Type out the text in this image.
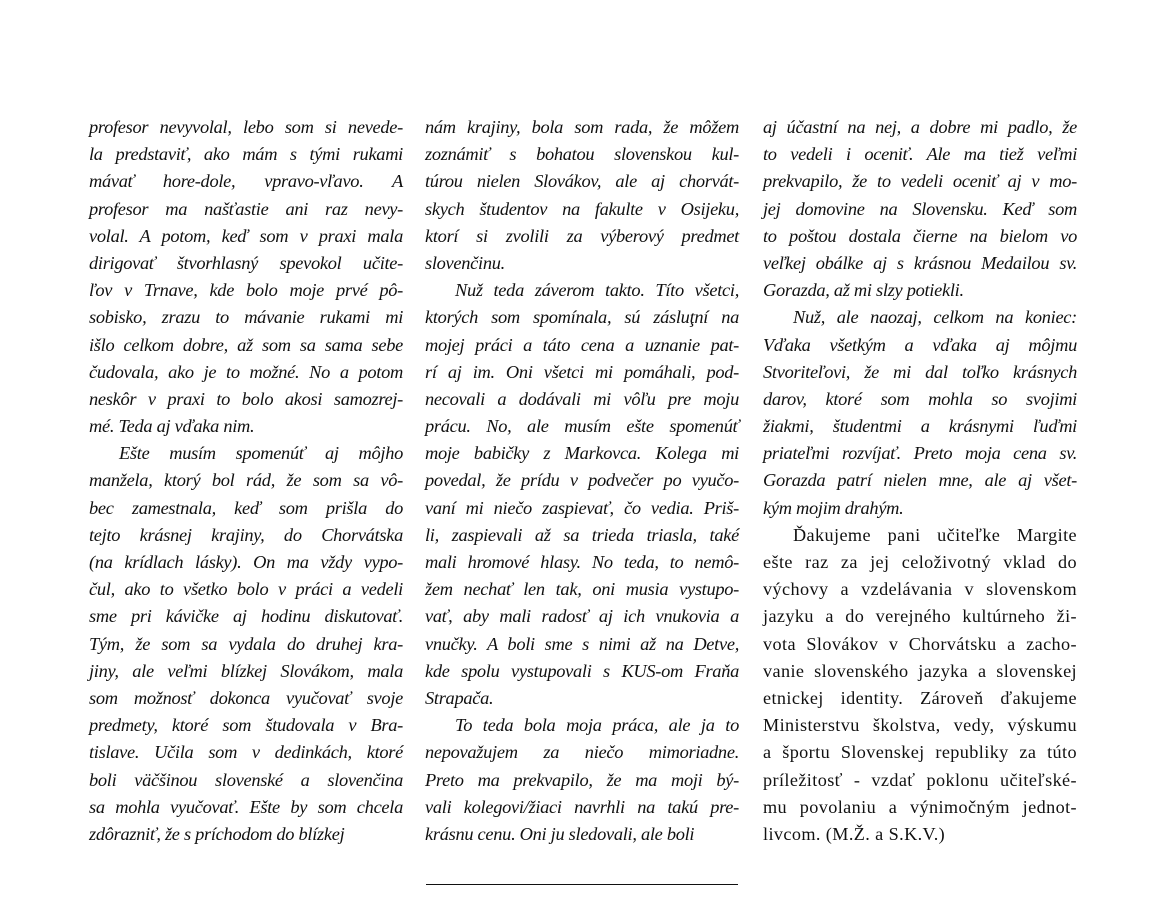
profesor nevyvolal, lebo som si nevede-
la predstaviť, ako mám s tými rukami
mávať hore-dole, vpravo-vľavo. A
profesor ma našťastie ani raz nevy-
volal. A potom, keď som v praxi mala
dirigovať štvorhlasný spevokol učite-
ľov v Trnave, kde bolo moje prvé pô-
sobisko, zrazu to mávanie rukami mi
išlo celkom dobre, až som sa sama sebe
čudovala, ako je to možné. No a potom
neskôr v praxi to bolo akosi samozrej-
mé. Teda aj vďaka nim.
Ešte musím spomenúť aj môjho
manžela, ktorý bol rád, že som sa vô-
bec zamestnala, keď som prišla do
tejto krásnej krajiny, do Chorvátska
(na krídlach lásky). On ma vždy vypo-
čul, ako to všetko bolo v práci a vedeli
sme pri kávičke aj hodinu diskutovať.
Tým, že som sa vydala do druhej kra-
jiny, ale veľmi blízkej Slovákom, mala
som možnosť dokonca vyučovať svoje
predmety, ktoré som študovala v Bra-
tislave. Učila som v dedinkách, ktoré
boli väčšinou slovenské a slovenčina
sa mohla vyučovať. Ešte by som chcela
zdôrazniť, že s príchodom do blízkej
nám krajiny, bola som rada, že môžem
zoznámiť s bohatou slovenskou kul-
túrou nielen Slovákov, ale aj chorvát-
skych študentov na fakulte v Osijeku,
ktorí si zvolili za výberový predmet
slovenčinu.
Nuž teda záverom takto. Títo všetci,
ktorých som spomínala, sú zásluţní na
mojej práci a táto cena a uznanie pat-
rí aj im. Oni všetci mi pomáhali, pod-
necovali a dodávali mi vôľu pre moju
prácu. No, ale musím ešte spomenúť
moje babičky z Markovca. Kolega mi
povedal, že prídu v podvečer po vyučo-
vaní mi niečo zaspievať, čo vedia. Priš-
li, zaspievali až sa trieda triasla, také
mali hromové hlasy. No teda, to nemô-
žem nechať len tak, oni musia vystupo-
vať, aby mali radosť aj ich vnukovia a
vnučky. A boli sme s nimi až na Detve,
kde spolu vystupovali s KUS-om Fraňa
Strapača.
To teda bola moja práca, ale ja to
nepovažujem za niečo mimoriadne.
Preto ma prekvapilo, že ma moji bý-
vali kolegovi/žiaci navrhli na takú pre-
krásnu cenu. Oni ju sledovali, ale boli
aj účastní na nej, a dobre mi padlo, že
to vedeli i oceniť. Ale ma tiež veľmi
prekvapilo, že to vedeli oceniť aj v mo-
jej domovine na Slovensku. Keď som
to poštou dostala čierne na bielom vo
veľkej obálke aj s krásnou Medailou sv.
Gorazda, až mi slzy potiekli.
Nuž, ale naozaj, celkom na koniec:
Vďaka všetkým a vďaka aj môjmu
Stvoriteľovi, že mi dal toľko krásnych
darov, ktoré som mohla so svojimi
žiakmi, študentmi a krásnymi ľuďmi
priateľmi rozvíjať. Preto moja cena sv.
Gorazda patrí nielen mne, ale aj všet-
kým mojim drahým.
Ďakujeme pani učiteľke Margite
ešte raz za jej celoživotný vklad do
výchovy a vzdelávania v slovenskom
jazyku a do verejného kultúrneho ži-
vota Slovákov v Chorvátsku a zacho-
vanie slovenského jazyka a slovenskej
etnickej identity. Zároveň ďakujeme
Ministerstvu školstva, vedy, výskumu
a športu Slovenskej republiky za túto
príležitosť - vzdať poklonu učiteľské-
mu povolaniu a výnimočným jednot-
livcom. (M.Ž. a S.K.V.)
